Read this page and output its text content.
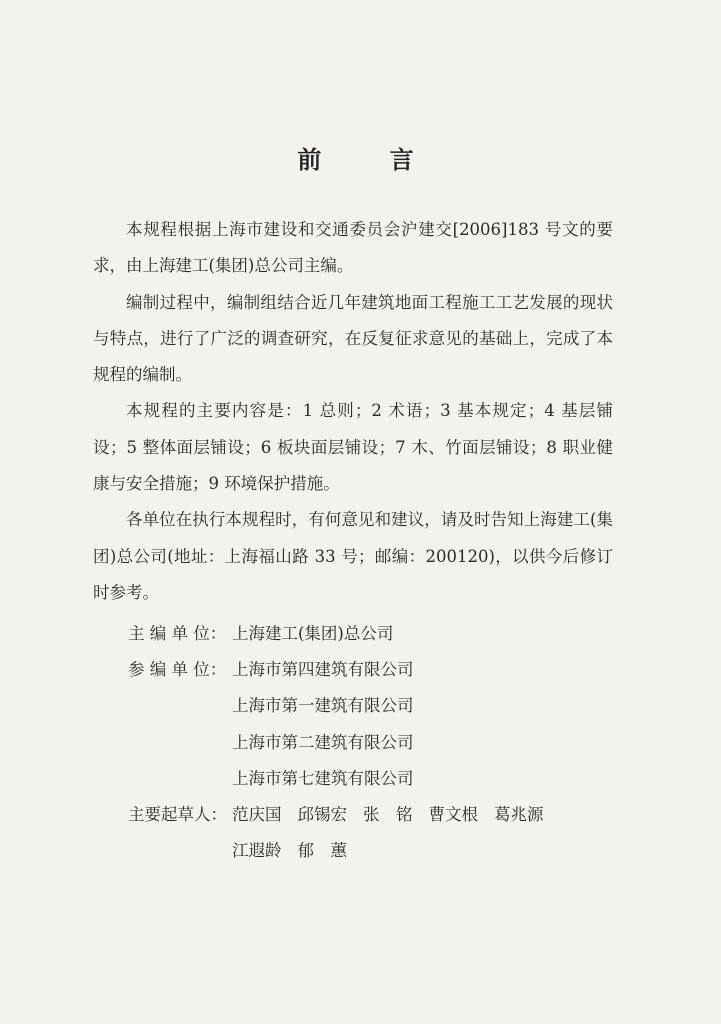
前 言

本规程根据上海市建设和交通委员会沪建交[2006]183 号文的要求，由上海建工(集团)总公司主编。

编制过程中，编制组结合近几年建筑地面工程施工工艺发展的现状与特点，进行了广泛的调查研究，在反复征求意见的基础上，完成了本规程的编制。

本规程的主要内容是：1 总则；2 术语；3 基本规定；4 基层铺设；5 整体面层铺设；6 板块面层铺设；7 木、竹面层铺设；8 职业健康与安全措施；9 环境保护措施。

各单位在执行本规程时，有何意见和建议，请及时告知上海建工(集团)总公司(地址：上海福山路 33 号；邮编：200120)，以供今后修订时参考。

主 编 单 位： 上海建工(集团)总公司
参 编 单 位： 上海市第四建筑有限公司
上海市第一建筑有限公司
上海市第二建筑有限公司
上海市第七建筑有限公司
主要起草人： 范庆国 邱锡宏 张　铭 曹文根 葛兆源
江遐龄 郁　蕙
